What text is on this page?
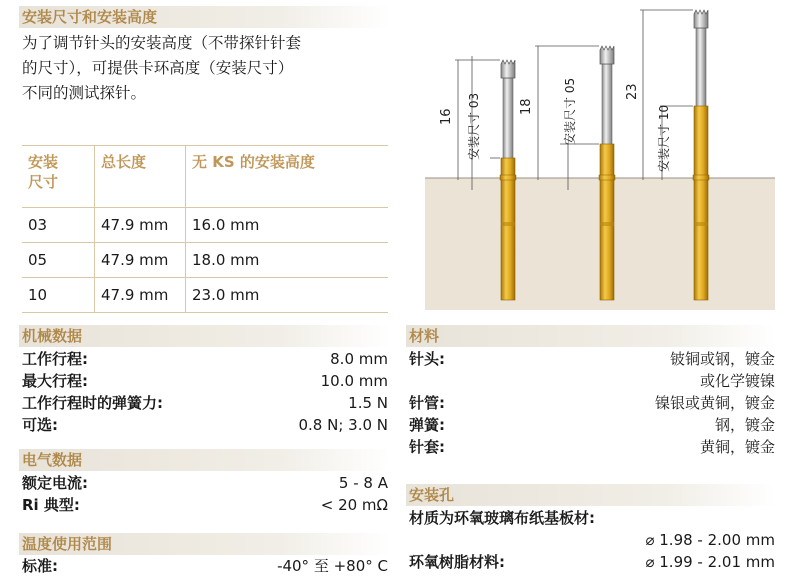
安装尺寸和安装高度
为了调节针头的安装高度（不带探针针套
的尺寸），可提供卡环高度（安装尺寸）
不同的测试探针。
安装
尺寸	总长度	无 KS 的安装高度
03	47.9 mm	16.0 mm
05	47.9 mm	18.0 mm
10	47.9 mm	23.0 mm
16 安装尺寸 03	18 安装尺寸 05	23
安装尺寸 10
机械数据
工作行程:	8.0 mm
最大行程:	10.0 mm
工作行程时的弹簧力:	1.5 N
可选:	0.8 N; 3.0 N
电气数据
额定电流:	5 - 8 A
Ri 典型:	< 20 mΩ
温度使用范围
标准:	-40° 至 +80° C
材料
针头:	铍铜或钢，镀金
或化学镀镍
针管:	镍银或黄铜，镀金
弹簧:	钢，镀金
针套:	黄铜，镀金
安装孔
材质为环氧玻璃布纸基板材:
⌀ 1.98 - 2.00 mm
环氧树脂材料:	⌀ 1.99 - 2.01 mm
